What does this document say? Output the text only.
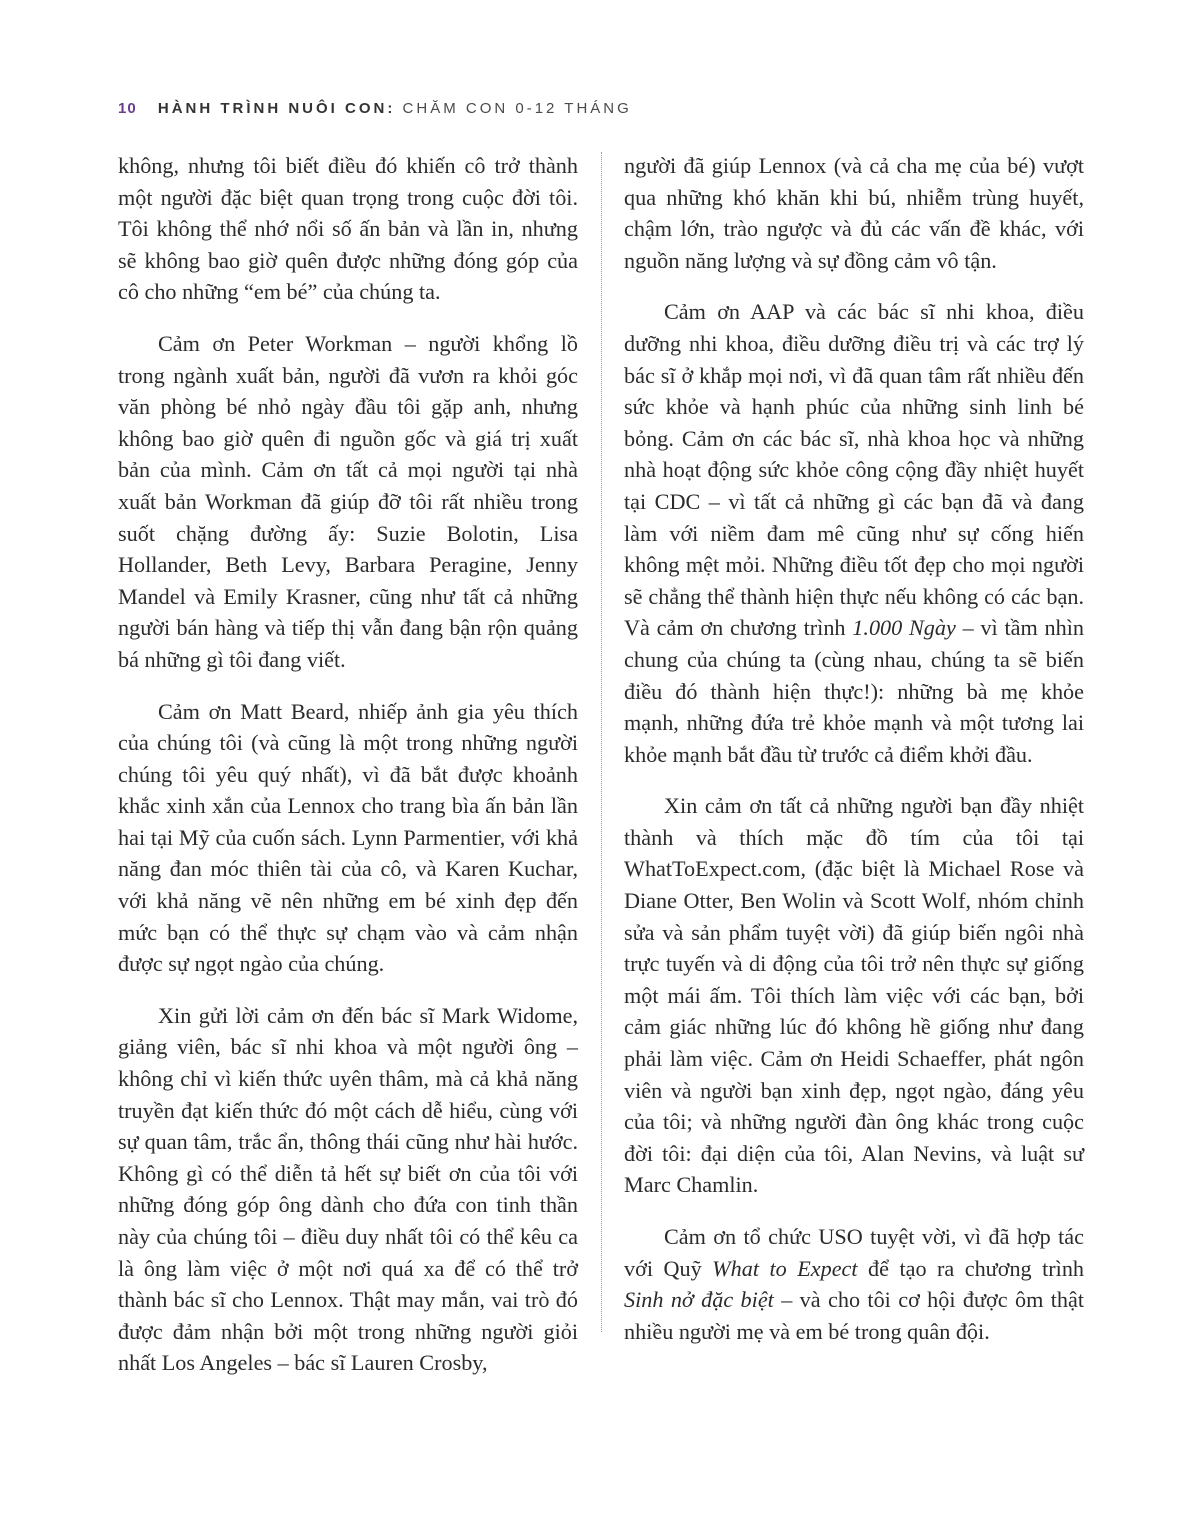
10 HÀNH TRÌNH NUÔI CON: CHĂM CON 0-12 THÁNG

không, nhưng tôi biết điều đó khiến cô trở thành một người đặc biệt quan trọng trong cuộc đời tôi. Tôi không thể nhớ nổi số ấn bản và lần in, nhưng sẽ không bao giờ quên được những đóng góp của cô cho những “em bé” của chúng ta.

Cảm ơn Peter Workman – người khổng lồ trong ngành xuất bản, người đã vươn ra khỏi góc văn phòng bé nhỏ ngày đầu tôi gặp anh, nhưng không bao giờ quên đi nguồn gốc và giá trị xuất bản của mình. Cảm ơn tất cả mọi người tại nhà xuất bản Workman đã giúp đỡ tôi rất nhiều trong suốt chặng đường ấy: Suzie Bolotin, Lisa Hollander, Beth Levy, Barbara Peragine, Jenny Mandel và Emily Krasner, cũng như tất cả những người bán hàng và tiếp thị vẫn đang bận rộn quảng bá những gì tôi đang viết.

Cảm ơn Matt Beard, nhiếp ảnh gia yêu thích của chúng tôi (và cũng là một trong những người chúng tôi yêu quý nhất), vì đã bắt được khoảnh khắc xinh xắn của Lennox cho trang bìa ấn bản lần hai tại Mỹ của cuốn sách. Lynn Parmentier, với khả năng đan móc thiên tài của cô, và Karen Kuchar, với khả năng vẽ nên những em bé xinh đẹp đến mức bạn có thể thực sự chạm vào và cảm nhận được sự ngọt ngào của chúng.

Xin gửi lời cảm ơn đến bác sĩ Mark Widome, giảng viên, bác sĩ nhi khoa và một người ông – không chỉ vì kiến thức uyên thâm, mà cả khả năng truyền đạt kiến thức đó một cách dễ hiểu, cùng với sự quan tâm, trắc ẩn, thông thái cũng như hài hước. Không gì có thể diễn tả hết sự biết ơn của tôi với những đóng góp ông dành cho đứa con tinh thần này của chúng tôi – điều duy nhất tôi có thể kêu ca là ông làm việc ở một nơi quá xa để có thể trở thành bác sĩ cho Lennox. Thật may mắn, vai trò đó được đảm nhận bởi một trong những người giỏi nhất Los Angeles – bác sĩ Lauren Crosby,

người đã giúp Lennox (và cả cha mẹ của bé) vượt qua những khó khăn khi bú, nhiễm trùng huyết, chậm lớn, trào ngược và đủ các vấn đề khác, với nguồn năng lượng và sự đồng cảm vô tận.

Cảm ơn AAP và các bác sĩ nhi khoa, điều dưỡng nhi khoa, điều dưỡng điều trị và các trợ lý bác sĩ ở khắp mọi nơi, vì đã quan tâm rất nhiều đến sức khỏe và hạnh phúc của những sinh linh bé bỏng. Cảm ơn các bác sĩ, nhà khoa học và những nhà hoạt động sức khỏe công cộng đầy nhiệt huyết tại CDC – vì tất cả những gì các bạn đã và đang làm với niềm đam mê cũng như sự cống hiến không mệt mỏi. Những điều tốt đẹp cho mọi người sẽ chẳng thể thành hiện thực nếu không có các bạn. Và cảm ơn chương trình 1.000 Ngày – vì tầm nhìn chung của chúng ta (cùng nhau, chúng ta sẽ biến điều đó thành hiện thực!): những bà mẹ khỏe mạnh, những đứa trẻ khỏe mạnh và một tương lai khỏe mạnh bắt đầu từ trước cả điểm khởi đầu.

Xin cảm ơn tất cả những người bạn đầy nhiệt thành và thích mặc đồ tím của tôi tại WhatToExpect.com, (đặc biệt là Michael Rose và Diane Otter, Ben Wolin và Scott Wolf, nhóm chỉnh sửa và sản phẩm tuyệt vời) đã giúp biến ngôi nhà trực tuyến và di động của tôi trở nên thực sự giống một mái ấm. Tôi thích làm việc với các bạn, bởi cảm giác những lúc đó không hề giống như đang phải làm việc. Cảm ơn Heidi Schaeffer, phát ngôn viên và người bạn xinh đẹp, ngọt ngào, đáng yêu của tôi; và những người đàn ông khác trong cuộc đời tôi: đại diện của tôi, Alan Nevins, và luật sư Marc Chamlin.

Cảm ơn tổ chức USO tuyệt vời, vì đã hợp tác với Quỹ What to Expect để tạo ra chương trình Sinh nở đặc biệt – và cho tôi cơ hội được ôm thật nhiều người mẹ và em bé trong quân đội.
